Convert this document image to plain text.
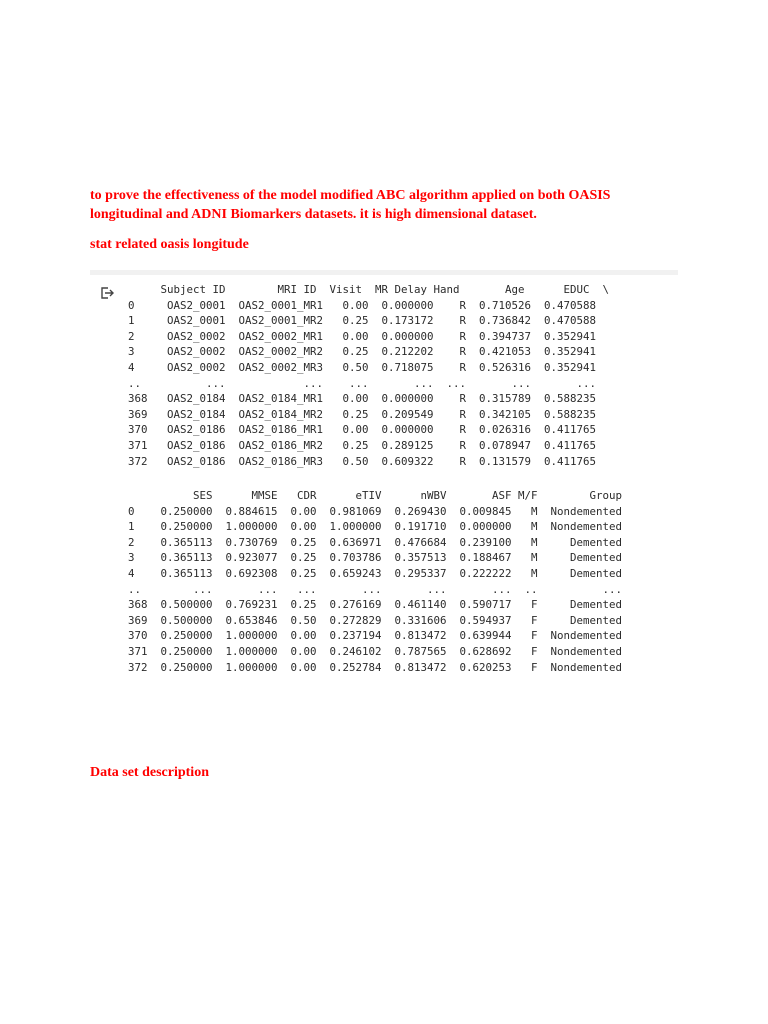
to prove the effectiveness of the model modified ABC algorithm applied on both OASIS longitudinal and ADNI Biomarkers datasets. it is high dimensional dataset.

stat related oasis longitude

Subject ID        MRI ID  Visit  MR Delay Hand       Age      EDUC  \
0     OAS2_0001  OAS2_0001_MR1   0.00  0.000000    R  0.710526  0.470588
1     OAS2_0001  OAS2_0001_MR2   0.25  0.173172    R  0.736842  0.470588
2     OAS2_0002  OAS2_0002_MR1   0.00  0.000000    R  0.394737  0.352941
3     OAS2_0002  OAS2_0002_MR2   0.25  0.212202    R  0.421053  0.352941
4     OAS2_0002  OAS2_0002_MR3   0.50  0.718075    R  0.526316  0.352941
..          ...            ...    ...       ...  ...       ...       ...
368   OAS2_0184  OAS2_0184_MR1   0.00  0.000000    R  0.315789  0.588235
369   OAS2_0184  OAS2_0184_MR2   0.25  0.209549    R  0.342105  0.588235
370   OAS2_0186  OAS2_0186_MR1   0.00  0.000000    R  0.026316  0.411765
371   OAS2_0186  OAS2_0186_MR2   0.25  0.289125    R  0.078947  0.411765
372   OAS2_0186  OAS2_0186_MR3   0.50  0.609322    R  0.131579  0.411765
SES      MMSE   CDR      eTIV      nWBV       ASF M/F        Group
0    0.250000  0.884615  0.00  0.981069  0.269430  0.009845   M  Nondemented
1    0.250000  1.000000  0.00  1.000000  0.191710  0.000000   M  Nondemented
2    0.365113  0.730769  0.25  0.636971  0.476684  0.239100   M     Demented
3    0.365113  0.923077  0.25  0.703786  0.357513  0.188467   M     Demented
4    0.365113  0.692308  0.25  0.659243  0.295337  0.222222   M     Demented
..        ...       ...   ...       ...       ...       ...  ..          ...
368  0.500000  0.769231  0.25  0.276169  0.461140  0.590717   F     Demented
369  0.500000  0.653846  0.50  0.272829  0.331606  0.594937   F     Demented
370  0.250000  1.000000  0.00  0.237194  0.813472  0.639944   F  Nondemented
371  0.250000  1.000000  0.00  0.246102  0.787565  0.628692   F  Nondemented
372  0.250000  1.000000  0.00  0.252784  0.813472  0.620253   F  Nondemented

Data set description
